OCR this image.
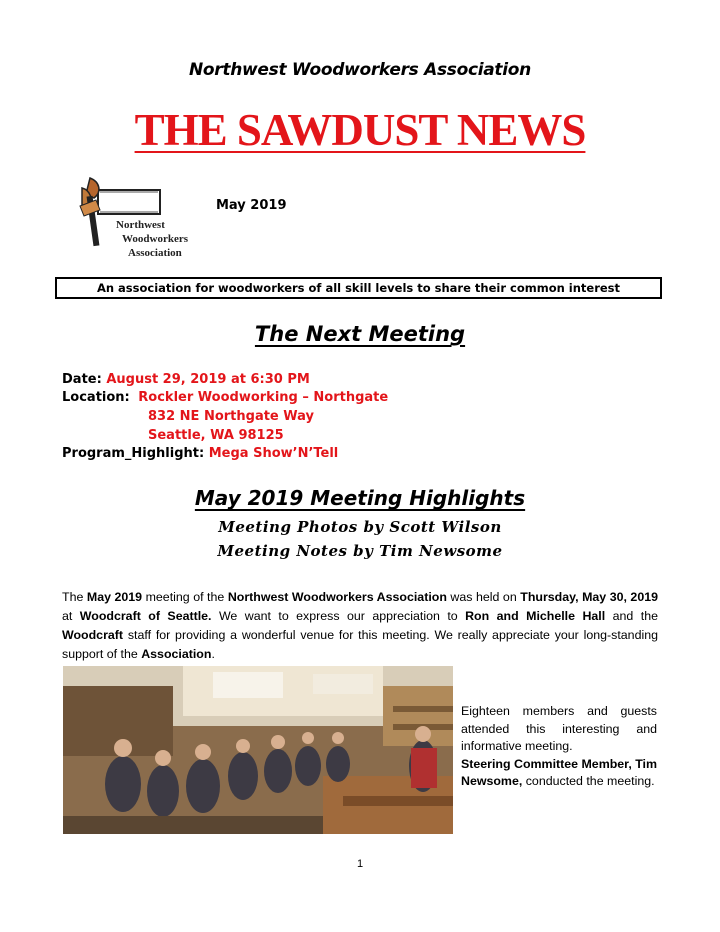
Northwest Woodworkers Association
THE SAWDUST NEWS
Northwest
Woodworkers
Association
May 2019
An association for woodworkers of all skill levels to share their common interest
The Next Meeting
Date: August 29, 2019 at 6:30 PM
Location: Rockler Woodworking – Northgate
832 NE Northgate Way
Seattle, WA 98125
Program_Highlight: Mega Show’N’Tell
May 2019 Meeting Highlights
Meeting Photos by Scott Wilson
Meeting Notes by Tim Newsome
The May 2019 meeting of the Northwest Woodworkers Association was held on Thursday, May 30, 2019 at Woodcraft of Seattle. We want to express our appreciation to Ron and Michelle Hall and the Woodcraft staff for providing a wonderful venue for this meeting. We really appreciate your long-standing support of the Association.
Eighteen members and guests attended this interesting and informative meeting.
Steering Committee Member, Tim Newsome, conducted the meeting.
1
